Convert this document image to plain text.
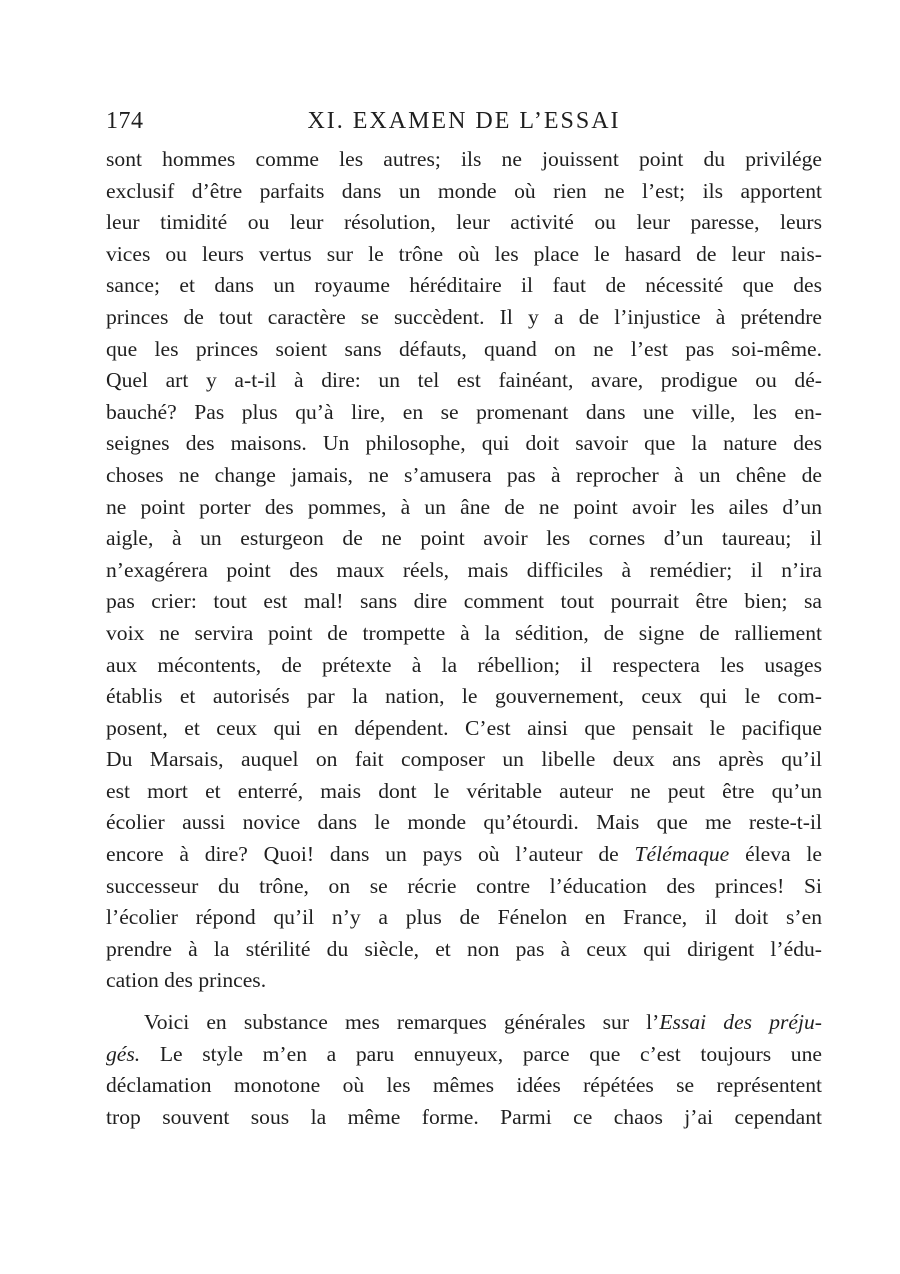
174	XI. EXAMEN DE L’ESSAI
sont hommes comme les autres; ils ne jouissent point du privilége
exclusif d’être parfaits dans un monde où rien ne l’est; ils apportent
leur timidité ou leur résolution, leur activité ou leur paresse, leurs
vices ou leurs vertus sur le trône où les place le hasard de leur nais-
sance; et dans un royaume héréditaire il faut de nécessité que des
princes de tout caractère se succèdent. Il y a de l’injustice à prétendre
que les princes soient sans défauts, quand on ne l’est pas soi-même.
Quel art y a-t-il à dire: un tel est fainéant, avare, prodigue ou dé-
bauché? Pas plus qu’à lire, en se promenant dans une ville, les en-
seignes des maisons. Un philosophe, qui doit savoir que la nature des
choses ne change jamais, ne s’amusera pas à reprocher à un chêne de
ne point porter des pommes, à un âne de ne point avoir les ailes d’un
aigle, à un esturgeon de ne point avoir les cornes d’un taureau; il
n’exagérera point des maux réels, mais difficiles à remédier; il n’ira
pas crier: tout est mal! sans dire comment tout pourrait être bien; sa
voix ne servira point de trompette à la sédition, de signe de ralliement
aux mécontents, de prétexte à la rébellion; il respectera les usages
établis et autorisés par la nation, le gouvernement, ceux qui le com-
posent, et ceux qui en dépendent. C’est ainsi que pensait le pacifique
Du Marsais, auquel on fait composer un libelle deux ans après qu’il
est mort et enterré, mais dont le véritable auteur ne peut être qu’un
écolier aussi novice dans le monde qu’étourdi. Mais que me reste-t-il
encore à dire? Quoi! dans un pays où l’auteur de Télémaque éleva le
successeur du trône, on se récrie contre l’éducation des princes! Si
l’écolier répond qu’il n’y a plus de Fénelon en France, il doit s’en
prendre à la stérilité du siècle, et non pas à ceux qui dirigent l’édu-
cation des princes.
Voici en substance mes remarques générales sur l’Essai des préju-
gés. Le style m’en a paru ennuyeux, parce que c’est toujours une
déclamation monotone où les mêmes idées répétées se représentent
trop souvent sous la même forme. Parmi ce chaos j’ai cependant
